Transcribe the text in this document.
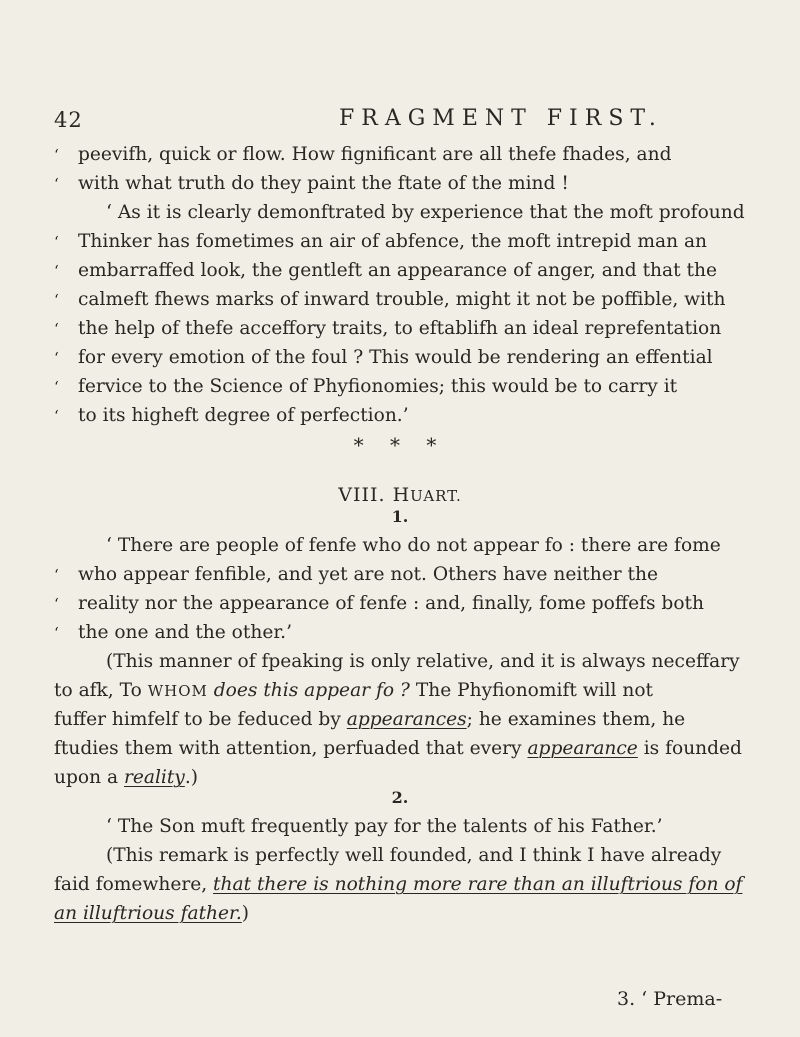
42	FRAGMENT FIRST.
‘ peevifh, quick or flow. How fignificant are all thefe fhades, and
‘ with what truth do they paint the ftate of the mind !
‘ As it is clearly demonftrated by experience that the moft profound
‘ Thinker has fometimes an air of abfence, the moft intrepid man an
‘ embarraffed look, the gentleft an appearance of anger, and that the
‘ calmeft fhews marks of inward trouble, might it not be poffible, with
‘ the help of thefe acceffory traits, to eftablifh an ideal reprefentation
‘ for every emotion of the foul ? This would be rendering an effential
‘ fervice to the Science of Phyfionomies; this would be to carry it
‘ to its higheft degree of perfection.’
* * *
VIII. HUART.
1.
‘ There are people of fenfe who do not appear fo : there are fome
‘ who appear fenfible, and yet are not. Others have neither the
‘ reality nor the appearance of fenfe : and, finally, fome poffefs both
‘ the one and the other.’
(This manner of fpeaking is only relative, and it is always neceffary
to afk, To WHOM does this appear fo ? The Phyfionomift will not
fuffer himfelf to be feduced by appearances; he examines them, he
ftudies them with attention, perfuaded that every appearance is founded
upon a reality.)
2.
‘ The Son muft frequently pay for the talents of his Father.’
(This remark is perfectly well founded, and I think I have already
faid fomewhere, that there is nothing more rare than an illuftrious fon of
an illuftrious father.)
3. ‘ Prema-
